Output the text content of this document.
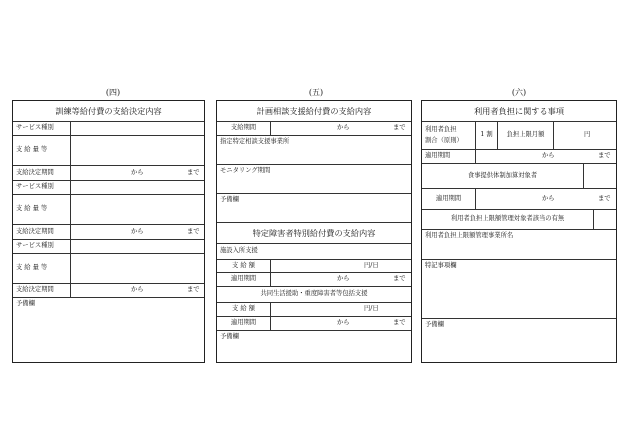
(四)	(五)	(六)
訓練等給付費の支給決定内容
サービス種別
支 給 量 等
支給決定期間	から	まで
サービス種別
支 給 量 等
支給決定期間	から	まで
サービス種別
支 給 量 等
支給決定期間	から	まで
予備欄
計画相談支援給付費の支給内容
支給期間	から	まで
指定特定相談支援事業所
モニタリング期間
予備欄
特定障害者特別給付費の支給内容
施設入所支援
支 給 額	円/日
適用期間	から	まで
共同生活援助・重度障害者等包括支援
支 給 額	円/日
適用期間	から	まで
予備欄
利用者負担に関する事項
利用者負担
割合（原則）
1 割	負担上限月額	円
適用期間	から	まで
食事提供体制加算対象者
適用期間	から	まで
利用者負担上限額管理対象者該当の有無
利用者負担上限額管理事業所名
特記事項欄
予備欄
